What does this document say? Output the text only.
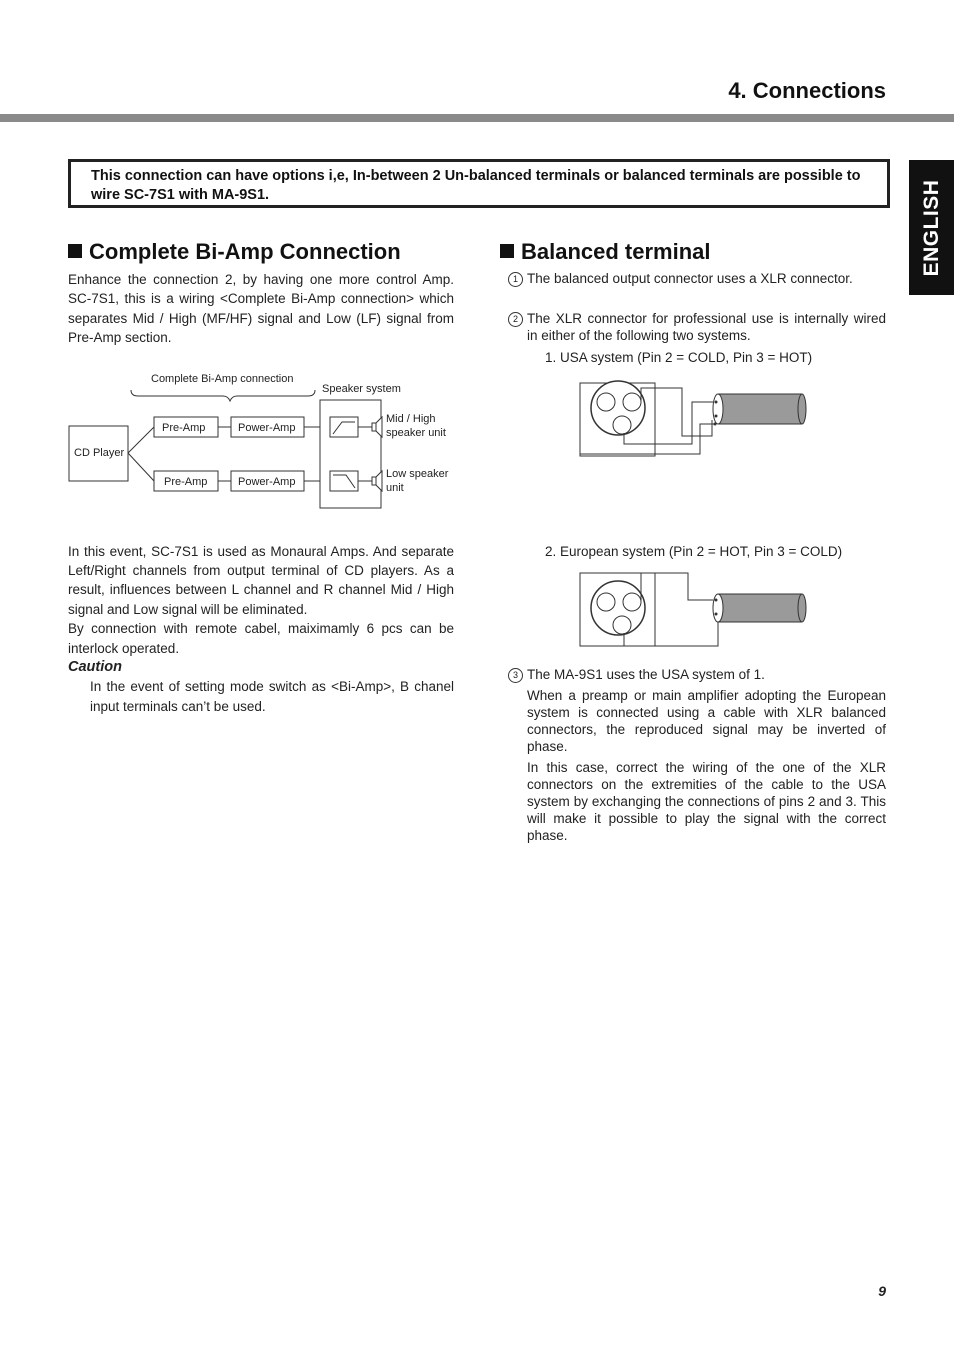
4. Connections
This connection can have options i,e, In-between 2 Un-balanced terminals or balanced terminals are possible to wire SC-7S1 with MA-9S1.	ENGLISH
Complete Bi-Amp Connection

Enhance the connection 2, by having one more control Amp. SC-7S1, this is a wiring <Complete Bi-Amp connection> which separates Mid / High (MF/HF) signal and Low (LF) signal from Pre-Amp section.

Complete Bi-Amp connection
Speaker system
CD Player
Pre-Amp
Pre-Amp
Power-Amp
Power-Amp
Mid / High
speaker unit
Low speaker
unit

In this event, SC-7S1 is used as Monaural Amps. And separate Left/Right channels from output terminal of CD players. As a result, influences between L channel and R channel Mid / High signal and Low signal will be eliminated.

By connection with remote cabel, maiximamly 6 pcs can be interlock operated.

Caution

In the event of setting mode switch as <Bi-Amp>, B chanel input terminals can’t be used.

Balanced terminal
1 The balanced output connector uses a XLR connector.
2 The XLR connector for professional use is internally wired in either of the following two systems.
1. USA system (Pin 2 = COLD, Pin 3 = HOT)
2. European system (Pin 2 = HOT, Pin 3 = COLD)
3 The MA-9S1 uses the USA system of 1.
When a preamp or main amplifier adopting the European system is connected using a cable with XLR balanced connectors, the reproduced signal may be inverted of phase.
In this case, correct the wiring of the one of the XLR connectors on the extremities of the cable to the USA system by exchanging the connections of pins 2 and 3. This will make it possible to play the signal with the correct phase.
9
